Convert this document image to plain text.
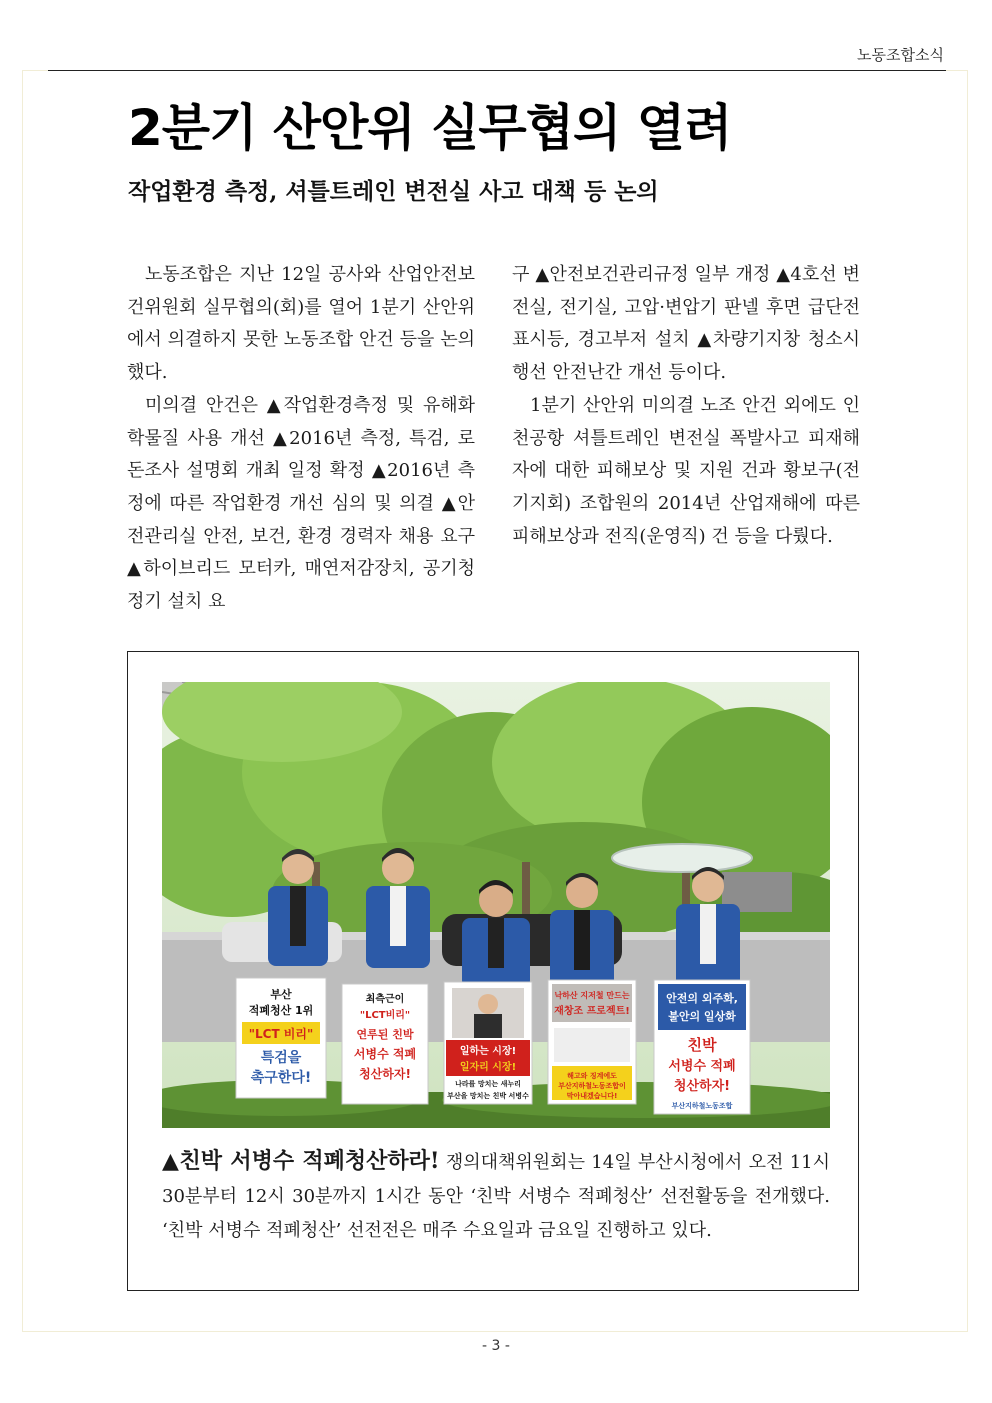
노동조합소식
2분기 산안위 실무협의 열려
작업환경 측정, 셔틀트레인 변전실 사고 대책 등 논의

노동조합은 지난 12일 공사와 산업안전보건위원회 실무협의(회)를 열어 1분기 산안위에서 의결하지 못한 노동조합 안건 등을 논의했다.

미의결 안건은 ▲작업환경측정 및 유해화학물질 사용 개선 ▲2016년 측정, 특검, 로돈조사 설명회 개최 일정 확정 ▲2016년 측정에 따른 작업환경 개선 심의 및 의결 ▲안전관리실 안전, 보건, 환경 경력자 채용 요구 ▲하이브리드 모터카, 매연저감장치, 공기청정기 설치 요

구 ▲안전보건관리규정 일부 개정 ▲4호선 변전실, 전기실, 고압·변압기 판넬 후면 급단전표시등, 경고부저 설치 ▲차량기지창 청소시행선 안전난간 개선 등이다.

1분기 산안위 미의결 노조 안건 외에도 인천공항 셔틀트레인 변전실 폭발사고 피재해자에 대한 피해보상 및 지원 건과 황보구(전기지회) 조합원의 2014년 산업재해에 따른 피해보상과 전직(운영직) 건 등을 다뤘다.

부산
적폐청산 1위
"LCT 비리"
특검을
촉구한다!
최측근이
"LCT비리"
연루된 친박
서병수 적폐
청산하자!
일하는 시장!
일자리 시장!
나라를 망치는 새누리
부산을 망치는 친박 서병수
낙하산 지저철 만드는
재창조 프로젝트!
해고와 징계에도
부산지하철노동조합이
막아내겠습니다!
안전의 외주화,
불안의 일상화
친박
서병수 적폐
청산하자!
부산지하철노동조합
▲친박 서병수 적폐청산하라! 쟁의대책위원회는 14일 부산시청에서 오전 11시 30분부터 12시 30분까지 1시간 동안 ‘친박 서병수 적폐청산’ 선전활동을 전개했다. ‘친박 서병수 적폐청산’ 선전전은 매주 수요일과 금요일 진행하고 있다.
- 3 -
